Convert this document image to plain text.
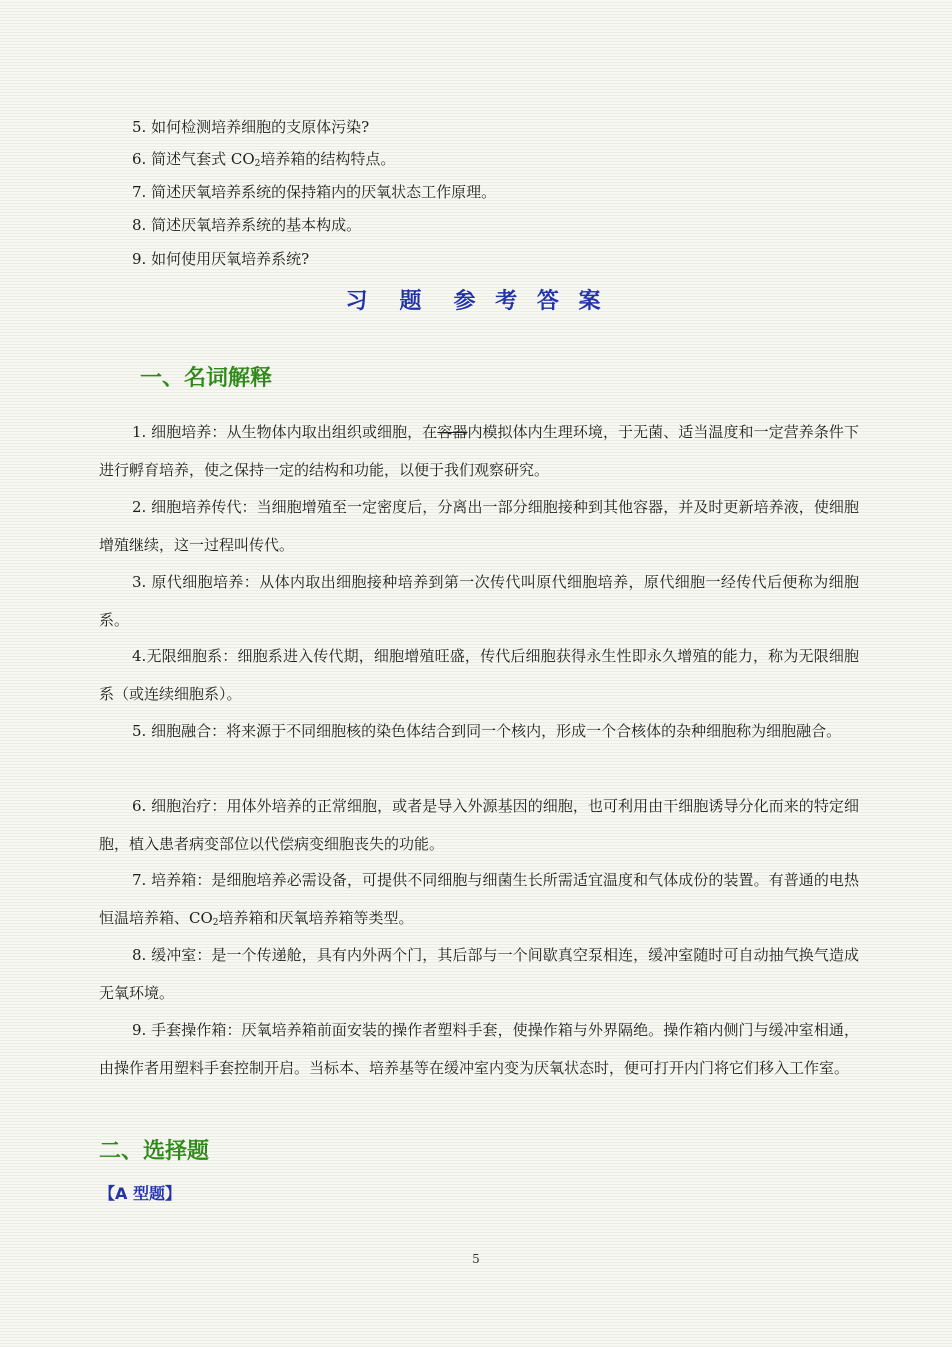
5. 如何检测培养细胞的支原体污染?
6. 简述气套式 $CO_2$培养箱的结构特点。
7. 简述厌氧培养系统的保持箱内的厌氧状态工作原理。
8. 简述厌氧培养系统的基本构成。
9. 如何使用厌氧培养系统?
习 题 参 考 答 案
一、名词解释
1. 细胞培养：从生物体内取出组织或细胞，在容器内模拟体内生理环境，于无菌、适当温度和一定营养条件下进行孵育培养，使之保持一定的结构和功能，以便于我们观察研究。
2. 细胞培养传代：当细胞增殖至一定密度后，分离出一部分细胞接种到其他容器，并及时更新培养液，使细胞增殖继续，这一过程叫传代。
3. 原代细胞培养：从体内取出细胞接种培养到第一次传代叫原代细胞培养，原代细胞一经传代后便称为细胞系。
4.无限细胞系：细胞系进入传代期，细胞增殖旺盛，传代后细胞获得永生性即永久增殖的能力，称为无限细胞系（或连续细胞系）。
5. 细胞融合：将来源于不同细胞核的染色体结合到同一个核内，形成一个合核体的杂种细胞称为细胞融合。
6. 细胞治疗：用体外培养的正常细胞，或者是导入外源基因的细胞，也可利用由干细胞诱导分化而来的特定细胞，植入患者病变部位以代偿病变细胞丧失的功能。
7. 培养箱：是细胞培养必需设备，可提供不同细胞与细菌生长所需适宜温度和气体成份的装置。有普通的电热恒温培养箱、$CO_2$培养箱和厌氧培养箱等类型。
8. 缓冲室：是一个传递舱，具有内外两个门，其后部与一个间歇真空泵相连，缓冲室随时可自动抽气换气造成无氧环境。
9. 手套操作箱：厌氧培养箱前面安装的操作者塑料手套，使操作箱与外界隔绝。操作箱内侧门与缓冲室相通，由操作者用塑料手套控制开启。当标本、培养基等在缓冲室内变为厌氧状态时，便可打开内门将它们移入工作室。
二、选择题
【A 型题】
5
